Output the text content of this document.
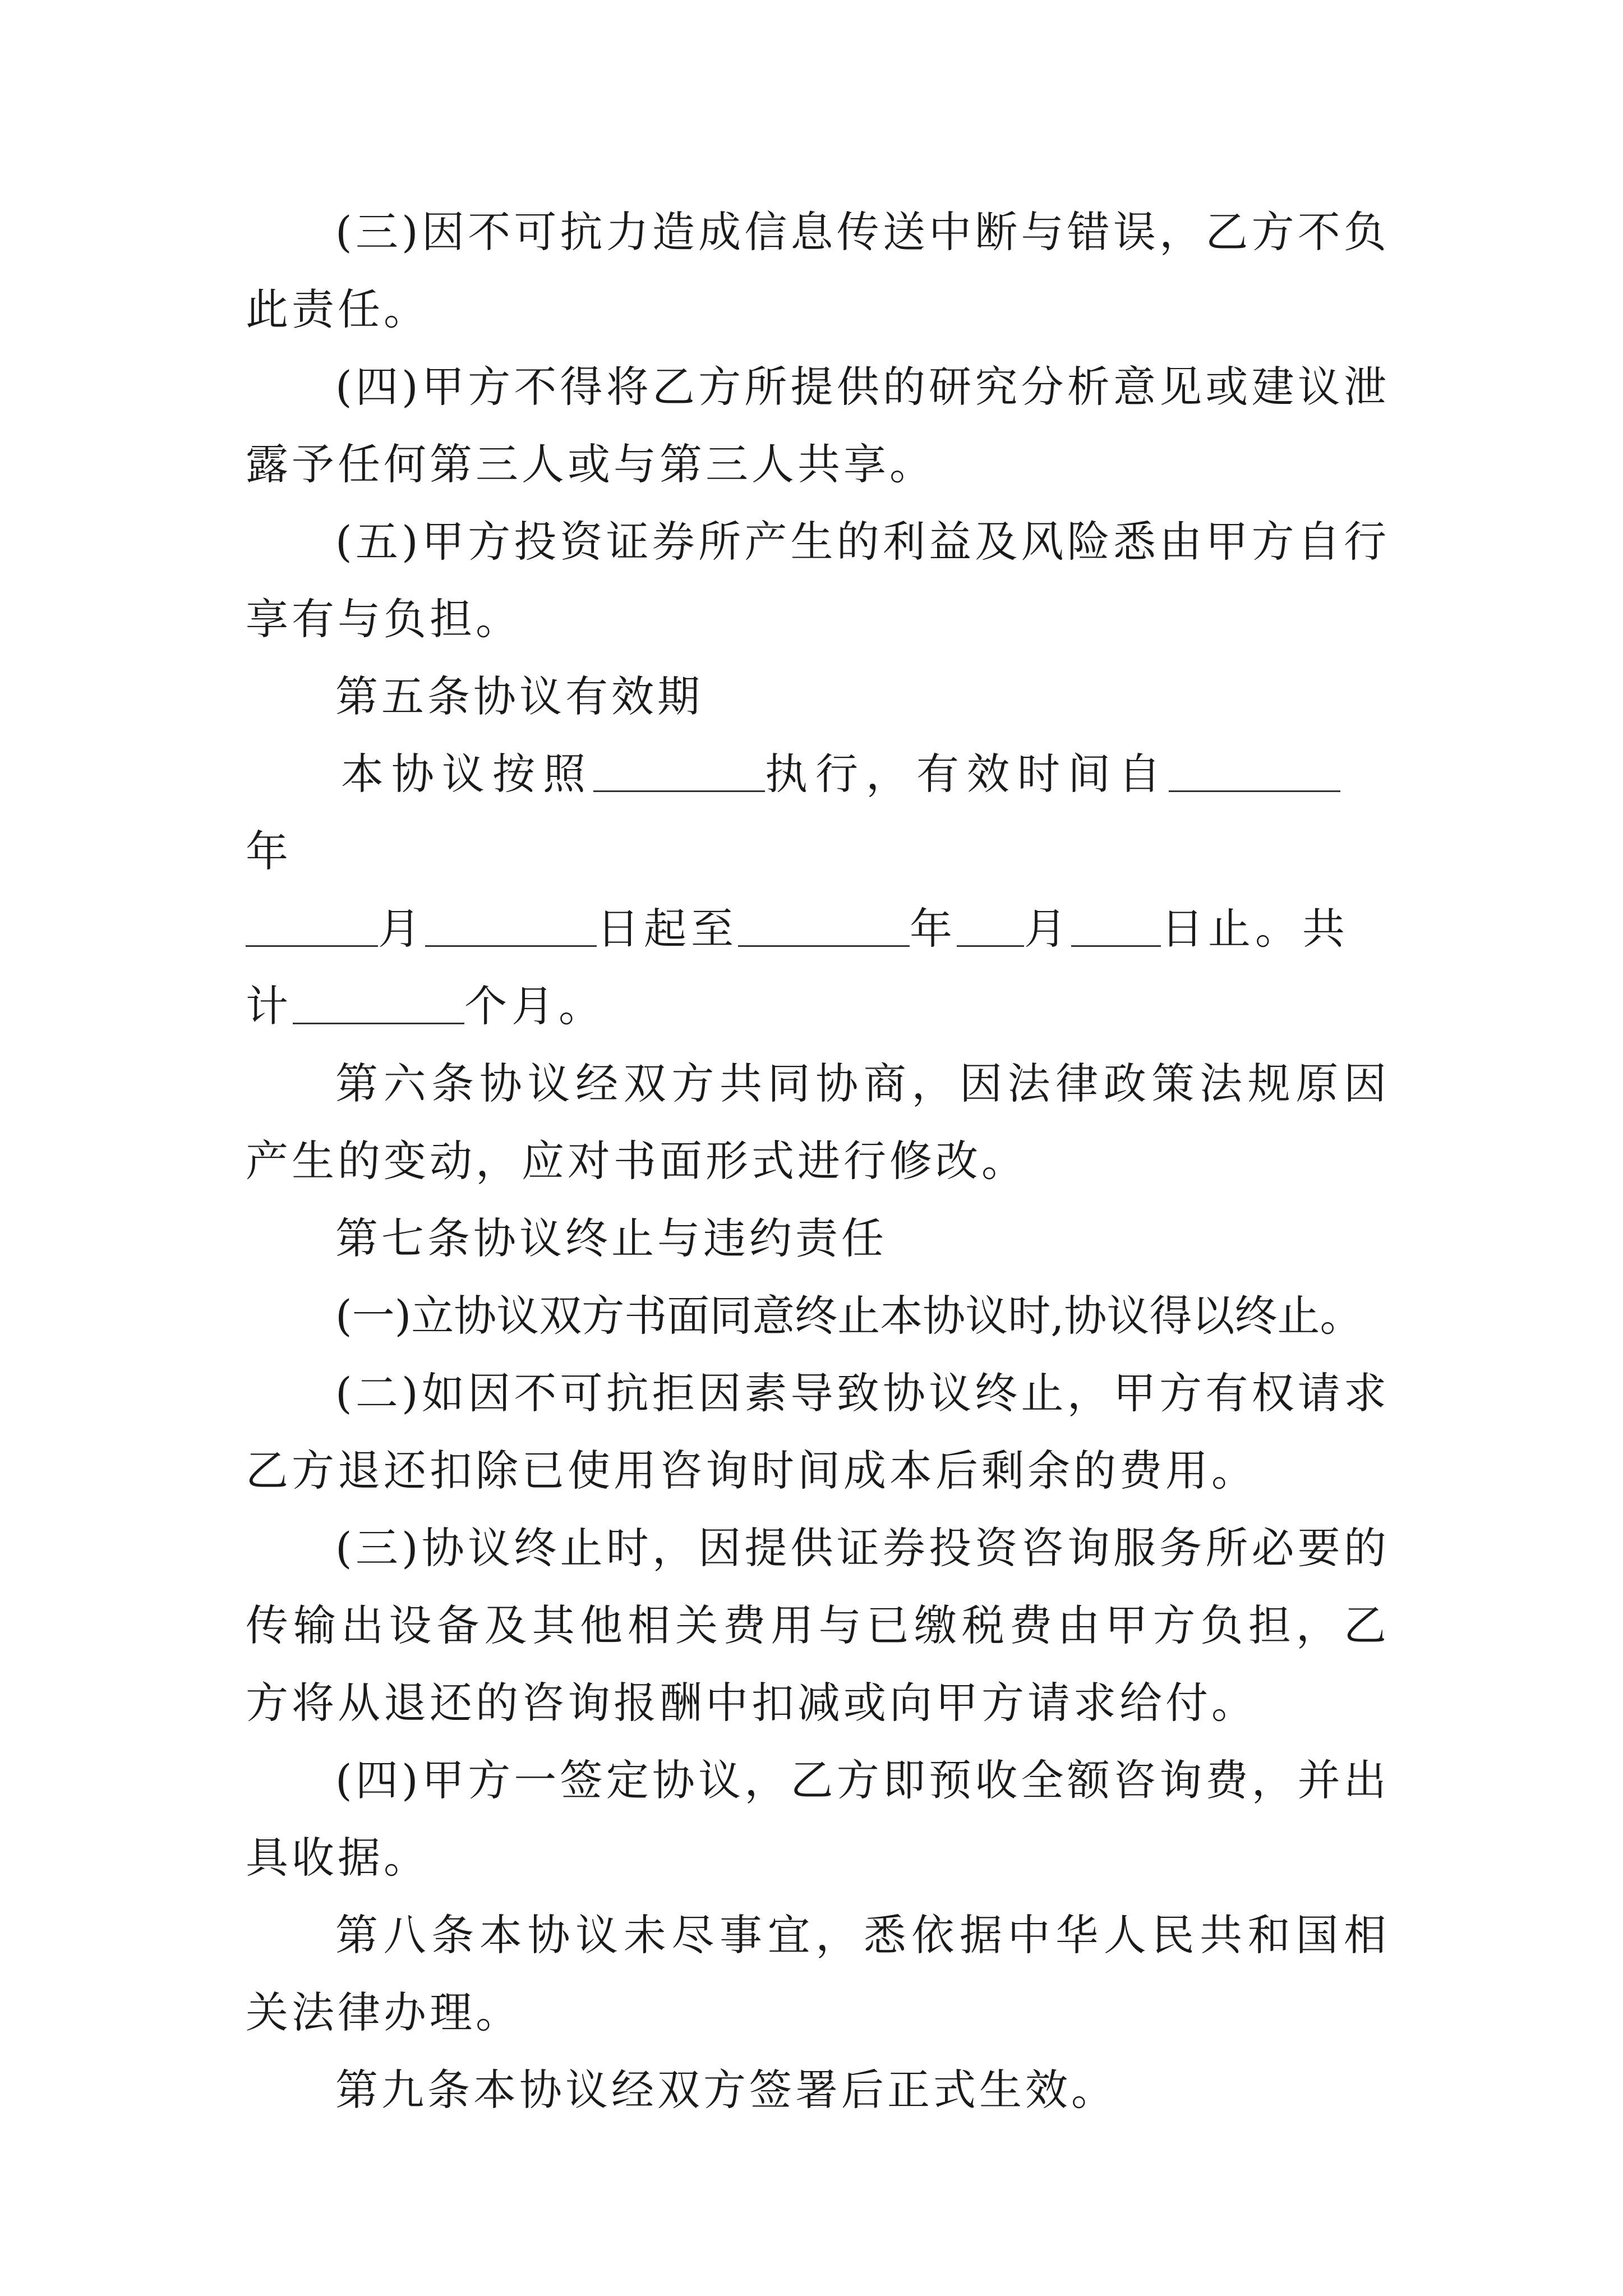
(三)因不可抗力造成信息传送中断与错误，乙方不负此责任。

(四)甲方不得将乙方所提供的研究分析意见或建议泄露予任何第三人或与第三人共享。

(五)甲方投资证券所产生的利益及风险悉由甲方自行享有与负担。

第五条协议有效期

本协议按照	执行，有效时间自年

月	日起至	年 月 日止。共

计	个月。

第六条协议经双方共同协商，因法律政策法规原因产生的变动，应对书面形式进行修改。

第七条协议终止与违约责任

(一)立协议双方书面同意终止本协议时,协议得以终止。

(二)如因不可抗拒因素导致协议终止，甲方有权请求乙方退还扣除已使用咨询时间成本后剩余的费用。

(三)协议终止时，因提供证券投资咨询服务所必要的传输出设备及其他相关费用与已缴税费由甲方负担，乙方将从退还的咨询报酬中扣减或向甲方请求给付。

(四)甲方一签定协议，乙方即预收全额咨询费，并出具收据。

第八条本协议未尽事宜，悉依据中华人民共和国相关法律办理。

第九条本协议经双方签署后正式生效。
